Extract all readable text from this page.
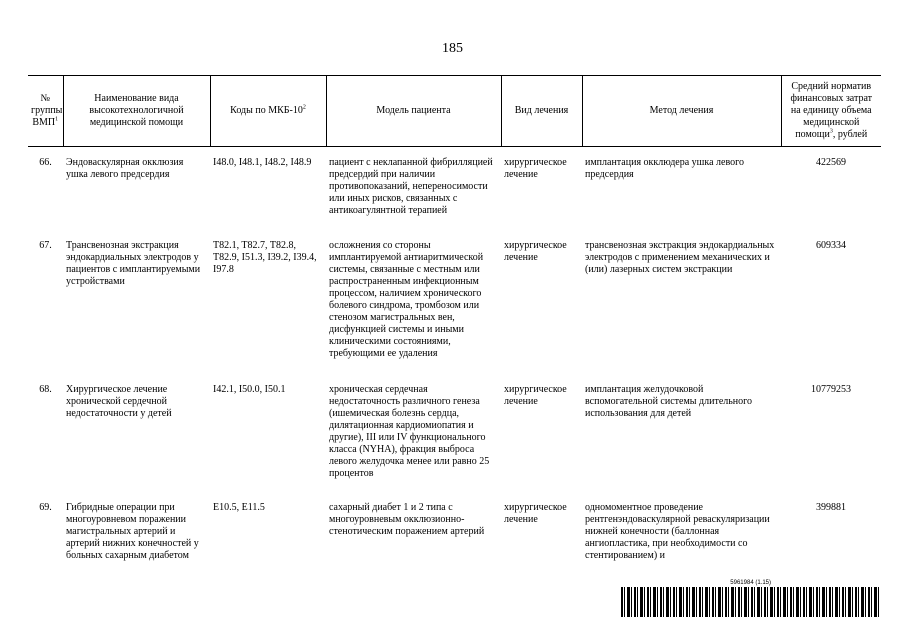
185
№ группы ВМП$^1$	Наименование вида высокотехнологичной медицинской помощи	Коды по МКБ-$10^2$	Модель пациента	Вид лечения	Метод лечения	Средний норматив финансовых затрат на единицу объема медицинской помощи$^3$, рублей
66.	Эндоваскулярная окклюзия ушка левого предсердия	I48.0, I48.1, I48.2, I48.9	пациент с неклапанной фибрилляцией предсердий при наличии противопоказаний, непереносимости или иных рисков, связанных с антикоагулянтной терапией	хирургическое лечение	имплантация окклюдера ушка левого предсердия	422569
67.	Трансвенозная экстракция эндокардиальных электродов у пациентов с имплантируемыми устройствами	T82.1, T82.7, T82.8, T82.9, I51.3, I39.2, I39.4, I97.8	осложнения со стороны имплантируемой антиаритмической системы, связанные с местным или распространенным инфекционным процессом, наличием хронического болевого синдрома, тромбозом или стенозом магистральных вен, дисфункцией системы и иными клиническими состояниями, требующими ее удаления	хирургическое лечение	трансвенозная экстракция эндокардиальных электродов с применением механических и (или) лазерных систем экстракции	609334
68.	Хирургическое лечение хронической сердечной недостаточности у детей	I42.1, I50.0, I50.1	хроническая сердечная недостаточность различного генеза (ишемическая болезнь сердца, дилятационная кардиомиопатия и другие), III или IV функционального класса (NYHA), фракция выброса левого желудочка менее или равно 25 процентов	хирургическое лечение	имплантация желудочковой вспомогательной системы длительного использования для детей	10779253
69.	Гибридные операции при многоуровневом поражении магистральных артерий и артерий нижних конечностей у больных сахарным диабетом	E10.5, E11.5	сахарный диабет 1 и 2 типа с многоуровневым окклюзионно-стенотическим поражением артерий	хирургическое лечение	одномоментное проведение рентгенэндоваскулярной реваскуляризации нижней конечности (баллонная ангиопластика, при необходимости со стентированием) и	399881
5961984 (1.15)
